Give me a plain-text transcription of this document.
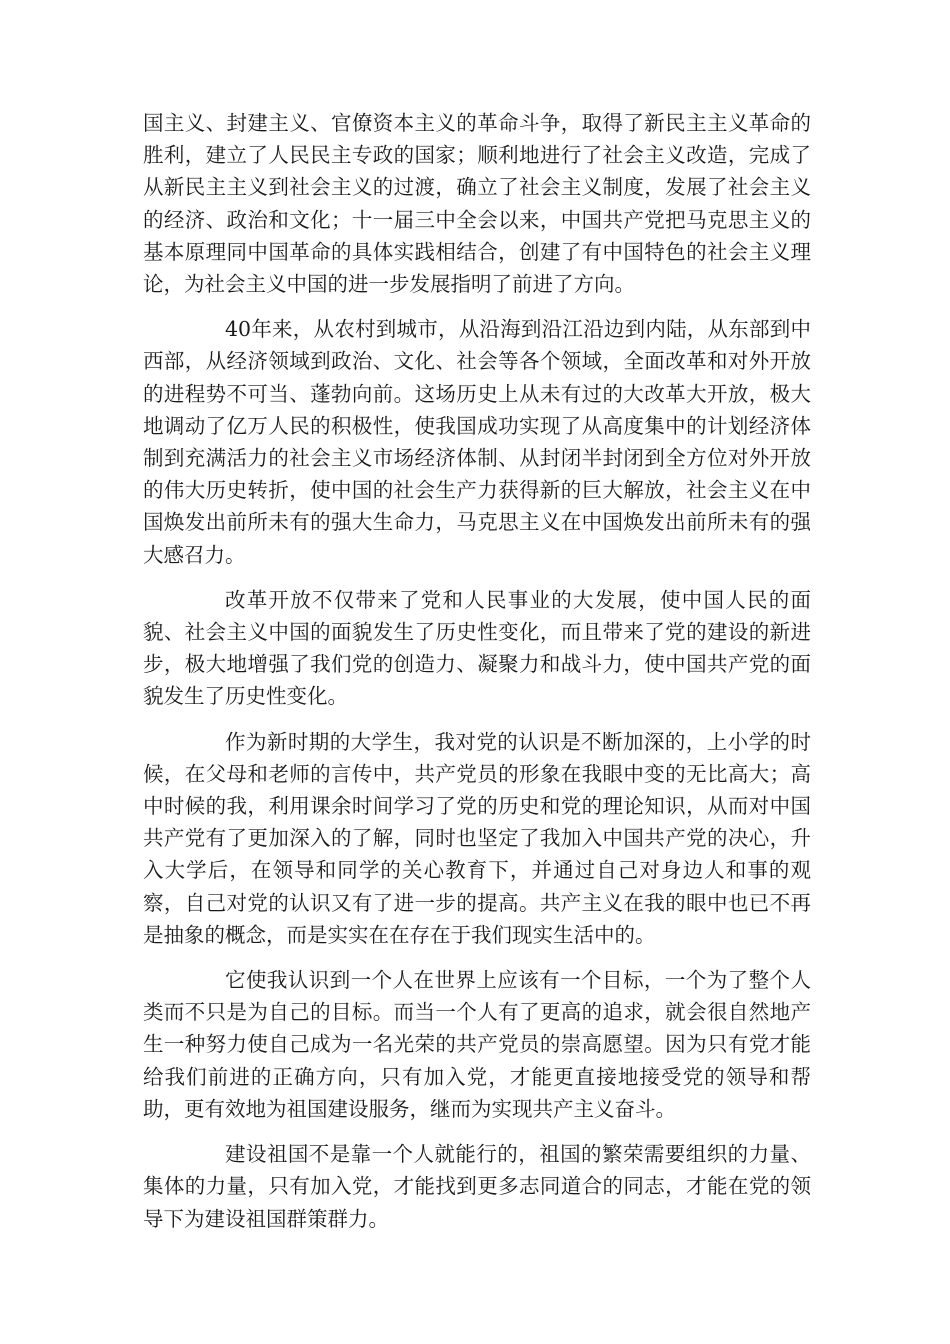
国主义、封建主义、官僚资本主义的革命斗争，取得了新民主主义革命的胜利，建立了人民民主专政的国家；顺利地进行了社会主义改造，完成了从新民主主义到社会主义的过渡，确立了社会主义制度，发展了社会主义的经济、政治和文化；十一届三中全会以来，中国共产党把马克思主义的基本原理同中国革命的具体实践相结合，创建了有中国特色的社会主义理论，为社会主义中国的进一步发展指明了前进了方向。

40年来，从农村到城市，从沿海到沿江沿边到内陆，从东部到中西部，从经济领域到政治、文化、社会等各个领域，全面改革和对外开放的进程势不可当、蓬勃向前。这场历史上从未有过的大改革大开放，极大地调动了亿万人民的积极性，使我国成功实现了从高度集中的计划经济体制到充满活力的社会主义市场经济体制、从封闭半封闭到全方位对外开放的伟大历史转折，使中国的社会生产力获得新的巨大解放，社会主义在中国焕发出前所未有的强大生命力，马克思主义在中国焕发出前所未有的强大感召力。

改革开放不仅带来了党和人民事业的大发展，使中国人民的面貌、社会主义中国的面貌发生了历史性变化，而且带来了党的建设的新进步，极大地增强了我们党的创造力、凝聚力和战斗力，使中国共产党的面貌发生了历史性变化。

作为新时期的大学生，我对党的认识是不断加深的，上小学的时候，在父母和老师的言传中，共产党员的形象在我眼中变的无比高大；高中时候的我，利用课余时间学习了党的历史和党的理论知识，从而对中国共产党有了更加深入的了解，同时也坚定了我加入中国共产党的决心，升入大学后，在领导和同学的关心教育下，并通过自己对身边人和事的观察，自己对党的认识又有了进一步的提高。共产主义在我的眼中也已不再是抽象的概念，而是实实在在存在于我们现实生活中的。

它使我认识到一个人在世界上应该有一个目标，一个为了整个人类而不只是为自己的目标。而当一个人有了更高的追求，就会很自然地产生一种努力使自己成为一名光荣的共产党员的崇高愿望。因为只有党才能给我们前进的正确方向，只有加入党，才能更直接地接受党的领导和帮助，更有效地为祖国建设服务，继而为实现共产主义奋斗。

建设祖国不是靠一个人就能行的，祖国的繁荣需要组织的力量、集体的力量，只有加入党，才能找到更多志同道合的同志，才能在党的领导下为建设祖国群策群力。
